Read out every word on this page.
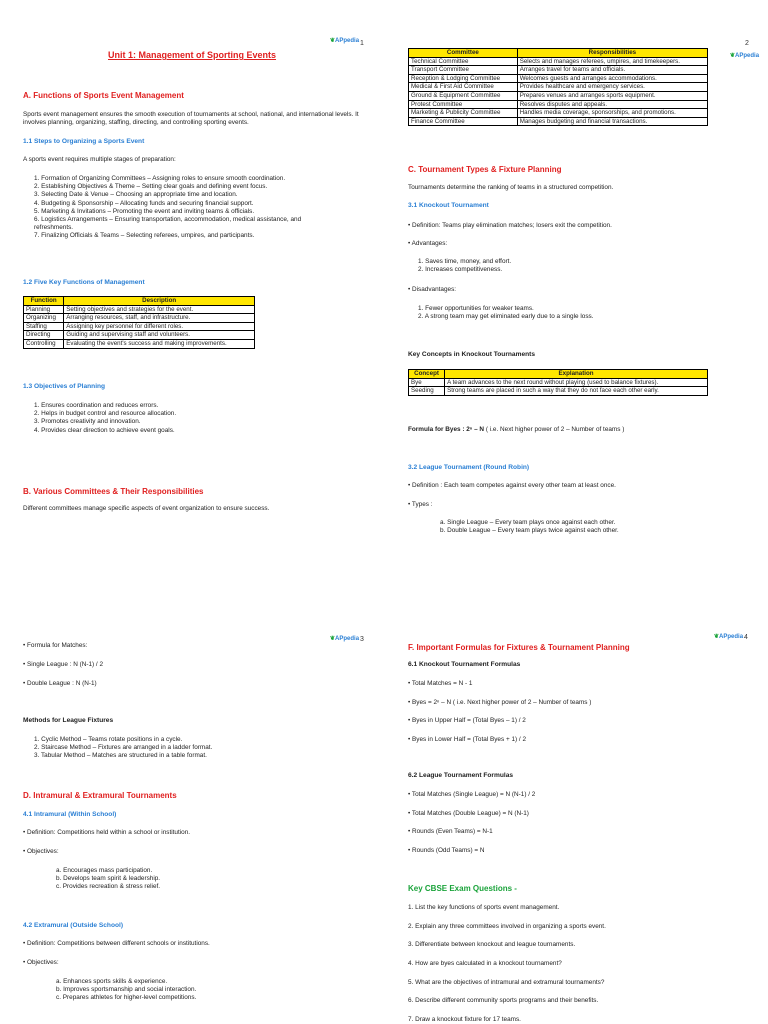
❦APpedia 1
Unit 1: Management of Sporting Events
A. Functions of Sports Event Management
Sports event management ensures the smooth execution of tournaments at school, national, and international levels. It involves planning, organizing, staffing, directing, and controlling sporting events.
1.1 Steps to Organizing a Sports Event
A sports event requires multiple stages of preparation:
1. Formation of Organizing Committees – Assigning roles to ensure smooth coordination.
2. Establishing Objectives & Theme – Setting clear goals and defining event focus.
3. Selecting Date & Venue – Choosing an appropriate time and location.
4. Budgeting & Sponsorship – Allocating funds and securing financial support.
5. Marketing & Invitations – Promoting the event and inviting teams & officials.
6. Logistics Arrangements – Ensuring transportation, accommodation, medical assistance, and
refreshments.
7. Finalizing Officials & Teams – Selecting referees, umpires, and participants.
1.2 Five Key Functions of Management
Function	Description
Planning	Setting objectives and strategies for the event.
Organizing	Arranging resources, staff, and infrastructure.
Staffing	Assigning key personnel for different roles.
Directing	Guiding and supervising staff and volunteers.
Controlling	Evaluating the event's success and making improvements.
1.3 Objectives of Planning
1. Ensures coordination and reduces errors.
2. Helps in budget control and resource allocation.
3. Promotes creativity and innovation.
4. Provides clear direction to achieve event goals.
B. Various Committees & Their Responsibilities
Different committees manage specific aspects of event organization to ensure success.
2
❦APpedia
Committee	Responsibilities
Technical Committee	Selects and manages referees, umpires, and timekeepers.
Transport Committee	Arranges travel for teams and officials.
Reception & Lodging Committee	Welcomes guests and arranges accommodations.
Medical & First Aid Committee	Provides healthcare and emergency services.
Ground & Equipment Committee	Prepares venues and arranges sports equipment.
Protest Committee	Resolves disputes and appeals.
Marketing & Publicity Committee	Handles media coverage, sponsorships, and promotions.
Finance Committee	Manages budgeting and financial transactions.
C. Tournament Types & Fixture Planning
Tournaments determine the ranking of teams in a structured competition.
3.1 Knockout Tournament
• Definition: Teams play elimination matches; losers exit the competition.
• Advantages:
1. Saves time, money, and effort.
2. Increases competitiveness.
• Disadvantages:
1. Fewer opportunities for weaker teams.
2. A strong team may get eliminated early due to a single loss.
Key Concepts in Knockout Tournaments
Concept	Explanation
Bye	A team advances to the next round without playing (used to balance fixtures).
Seeding	Strong teams are placed in such a way that they do not face each other early.
Formula for Byes : 2ⁿ – N ( i.e. Next higher power of 2 – Number of teams )
3.2 League Tournament (Round Robin)
• Definition : Each team competes against every other team at least once.
• Types :
a. Single League – Every team plays once against each other.
b. Double League – Every team plays twice against each other.
❦APpedia 3
• Formula for Matches:
• Single League : N (N-1) / 2
• Double League : N (N-1)
Methods for League Fixtures
1. Cyclic Method – Teams rotate positions in a cycle.
2. Staircase Method – Fixtures are arranged in a ladder format.
3. Tabular Method – Matches are structured in a table format.
D. Intramural & Extramural Tournaments
4.1 Intramural (Within School)
• Definition: Competitions held within a school or institution.
• Objectives:
a. Encourages mass participation.
b. Develops team spirit & leadership.
c. Provides recreation & stress relief.
4.2 Extramural (Outside School)
• Definition: Competitions between different schools or institutions.
• Objectives:
a. Enhances sports skills & experience.
b. Improves sportsmanship and social interaction.
c. Prepares athletes for higher-level competitions.
❦APpedia 4
F. Important Formulas for Fixtures & Tournament Planning
6.1 Knockout Tournament Formulas
• Total Matches = N - 1
• Byes = 2ⁿ – N ( i.e. Next higher power of 2 – Number of teams )
• Byes in Upper Half = (Total Byes – 1) / 2
• Byes in Lower Half = (Total Byes + 1) / 2
6.2 League Tournament Formulas
• Total Matches (Single League) = N (N-1) / 2
• Total Matches (Double League) = N (N-1)
• Rounds (Even Teams) = N-1
• Rounds (Odd Teams) = N
Key CBSE Exam Questions -
1. List the key functions of sports event management.
2. Explain any three committees involved in organizing a sports event.
3. Differentiate between knockout and league tournaments.
4. How are byes calculated in a knockout tournament?
5. What are the objectives of intramural and extramural tournaments?
6. Describe different community sports programs and their benefits.
7. Draw a knockout fixture for 17 teams.
